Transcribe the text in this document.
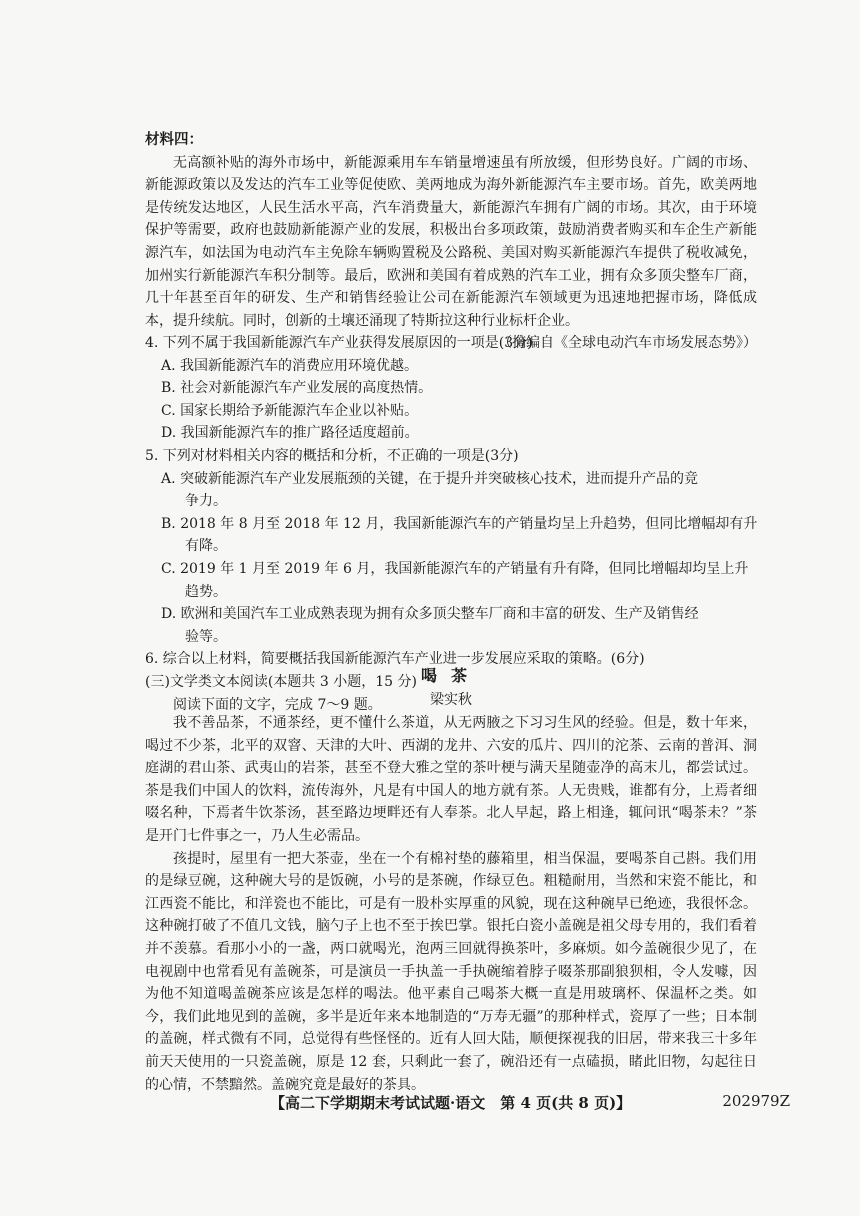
材料四：

无高额补贴的海外市场中，新能源乘用车车销量增速虽有所放缓，但形势良好。广阔的市场、新能源政策以及发达的汽车工业等促使欧、美两地成为海外新能源汽车主要市场。首先，欧美两地是传统发达地区，人民生活水平高，汽车消费量大，新能源汽车拥有广阔的市场。其次，由于环境保护等需要，政府也鼓励新能源产业的发展，积极出台多项政策，鼓励消费者购买和车企生产新能源汽车，如法国为电动汽车主免除车辆购置税及公路税、美国对购买新能源汽车提供了税收减免，加州实行新能源汽车积分制等。最后，欧洲和美国有着成熟的汽车工业，拥有众多顶尖整车厂商，几十年甚至百年的研发、生产和销售经验让公司在新能源汽车领域更为迅速地把握市场，降低成本，提升续航。同时，创新的土壤还涌现了特斯拉这种行业标杆企业。

（摘编自《全球电动汽车市场发展态势》）

4. 下列不属于我国新能源汽车产业获得发展原因的一项是(3分)

A. 我国新能源汽车的消费应用环境优越。

B. 社会对新能源汽车产业发展的高度热情。

C. 国家长期给予新能源汽车企业以补贴。

D. 我国新能源汽车的推广路径适度超前。

5. 下列对材料相关内容的概括和分析，不正确的一项是(3分)

A. 突破新能源汽车产业发展瓶颈的关键，在于提升并突破核心技术，进而提升产品的竞

争力。

B. 2018 年 8 月至 2018 年 12 月，我国新能源汽车的产销量均呈上升趋势，但同比增幅却有升

有降。

C. 2019 年 1 月至 2019 年 6 月，我国新能源汽车的产销量有升有降，但同比增幅却均呈上升

趋势。

D. 欧洲和美国汽车工业成熟表现为拥有众多顶尖整车厂商和丰富的研发、生产及销售经

验等。

6. 综合以上材料，简要概括我国新能源汽车产业进一步发展应采取的策略。(6分)

(三)文学类文本阅读(本题共 3 小题，15 分)

阅读下面的文字，完成 7～9 题。

喝茶

梁实秋

我不善品茶，不通茶经，更不懂什么茶道，从无两腋之下习习生风的经验。但是，数十年来，喝过不少茶，北平的双窨、天津的大叶、西湖的龙井、六安的瓜片、四川的沱茶、云南的普洱、洞庭湖的君山茶、武夷山的岩茶，甚至不登大雅之堂的茶叶梗与满天星随壶净的高末儿，都尝试过。茶是我们中国人的饮料，流传海外，凡是有中国人的地方就有茶。人无贵贱，谁都有分，上焉者细啜名种，下焉者牛饮茶汤，甚至路边埂畔还有人奉茶。北人早起，路上相逢，辄问讯“喝茶未？”茶是开门七件事之一，乃人生必需品。

孩提时，屋里有一把大茶壶，坐在一个有棉衬垫的藤箱里，相当保温，要喝茶自己斟。我们用的是绿豆碗，这种碗大号的是饭碗，小号的是茶碗，作绿豆色。粗糙耐用，当然和宋瓷不能比，和江西瓷不能比，和洋瓷也不能比，可是有一股朴实厚重的风貌，现在这种碗早已绝迹，我很怀念。这种碗打破了不值几文钱，脑勺子上也不至于挨巴掌。银托白瓷小盖碗是祖父母专用的，我们看着并不羡慕。看那小小的一盏，两口就喝光，泡两三回就得换茶叶，多麻烦。如今盖碗很少见了，在电视剧中也常看见有盖碗茶，可是演员一手执盖一手执碗缩着脖子啜茶那副狼狈相，令人发噱，因为他不知道喝盖碗茶应该是怎样的喝法。他平素自己喝茶大概一直是用玻璃杯、保温杯之类。如今，我们此地见到的盖碗，多半是近年来本地制造的“万寿无疆”的那种样式，瓷厚了一些；日本制的盖碗，样式微有不同，总觉得有些怪怪的。近有人回大陆，顺便探视我的旧居，带来我三十多年前天天使用的一只瓷盖碗，原是 12 套，只剩此一套了，碗沿还有一点磕损，睹此旧物，勾起往日的心情，不禁黯然。盖碗究竟是最好的茶具。

【高二下学期期末考试试题·语文　第 4 页(共 8 页)】	202979Z
